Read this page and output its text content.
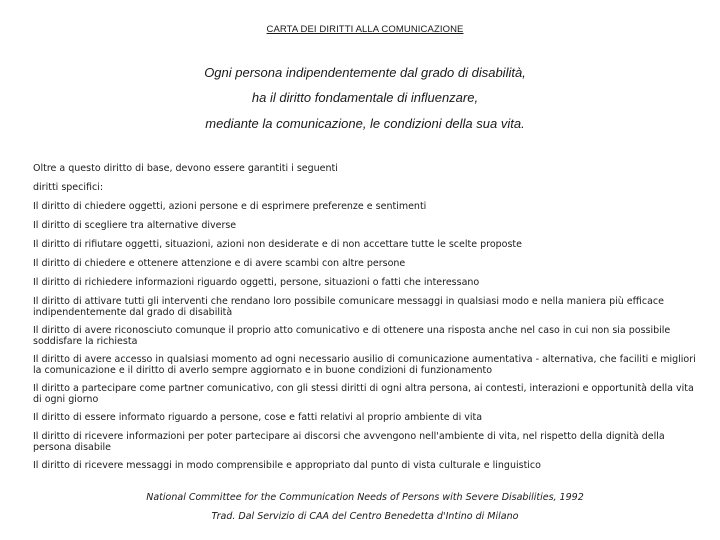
CARTA DEI DIRITTI ALLA COMUNICAZIONE
Ogni persona indipendentemente dal grado di disabilità,
ha il diritto fondamentale di influenzare,
mediante la comunicazione, le condizioni della sua vita.

Oltre a questo diritto di base, devono essere garantiti i seguenti

diritti specifici:

Il diritto di chiedere oggetti, azioni persone e di esprimere preferenze e sentimenti

Il diritto di scegliere tra alternative diverse

Il diritto di rifiutare oggetti, situazioni, azioni non desiderate e di non accettare tutte le scelte proposte

Il diritto di chiedere e ottenere attenzione e di avere scambi con altre persone

Il diritto di richiedere informazioni riguardo oggetti, persone, situazioni o fatti che interessano

Il diritto di attivare tutti gli interventi che rendano loro possibile comunicare messaggi in qualsiasi modo e nella maniera più efficace indipendentemente dal grado di disabilità

Il diritto di avere riconosciuto comunque il proprio atto comunicativo e di ottenere una risposta anche nel caso in cui non sia possibile soddisfare la richiesta

Il diritto di avere accesso in qualsiasi momento ad ogni necessario ausilio di comunicazione aumentativa - alternativa, che faciliti e migliori la comunicazione e il diritto di averlo sempre aggiornato e in buone condizioni di funzionamento

Il diritto a partecipare come partner comunicativo, con gli stessi diritti di ogni altra persona, ai contesti, interazioni e opportunità della vita di ogni giorno

Il diritto di essere informato riguardo a persone, cose e fatti relativi al proprio ambiente di vita

Il diritto di ricevere informazioni per poter partecipare ai discorsi che avvengono nell'ambiente di vita, nel rispetto della dignità della persona disabile

Il diritto di ricevere messaggi in modo comprensibile e appropriato dal punto di vista culturale e linguistico

National Committee for the Communication Needs of Persons with Severe Disabilities, 1992
Trad. Dal Servizio di CAA del Centro Benedetta d'Intino di Milano
